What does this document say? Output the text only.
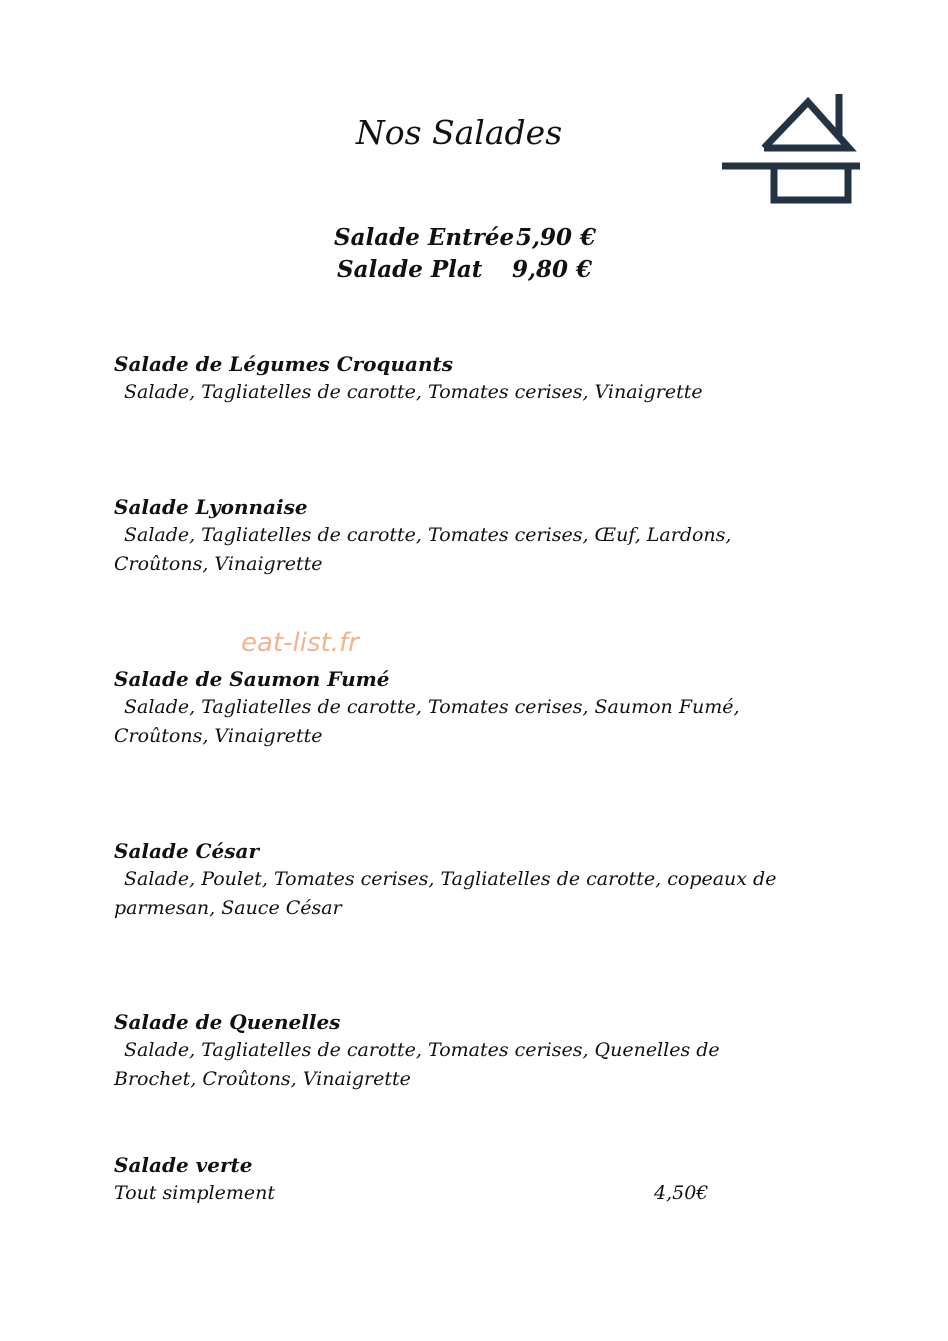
Nos Salades
Salade Entrée 5,90 €
Salade Plat	9,80 €
Salade de Légumes Croquants
Salade, Tagliatelles de carotte, Tomates cerises, Vinaigrette
Salade Lyonnaise
Salade, Tagliatelles de carotte, Tomates cerises, Œuf, Lardons, Croûtons, Vinaigrette
eat-list.fr
Salade de Saumon Fumé
Salade, Tagliatelles de carotte, Tomates cerises, Saumon Fumé, Croûtons, Vinaigrette
Salade César
Salade, Poulet, Tomates cerises, Tagliatelles de carotte, copeaux de parmesan, Sauce César
Salade de Quenelles
Salade, Tagliatelles de carotte, Tomates cerises, Quenelles de Brochet, Croûtons, Vinaigrette
Salade verte
Tout simplement	4,50€
